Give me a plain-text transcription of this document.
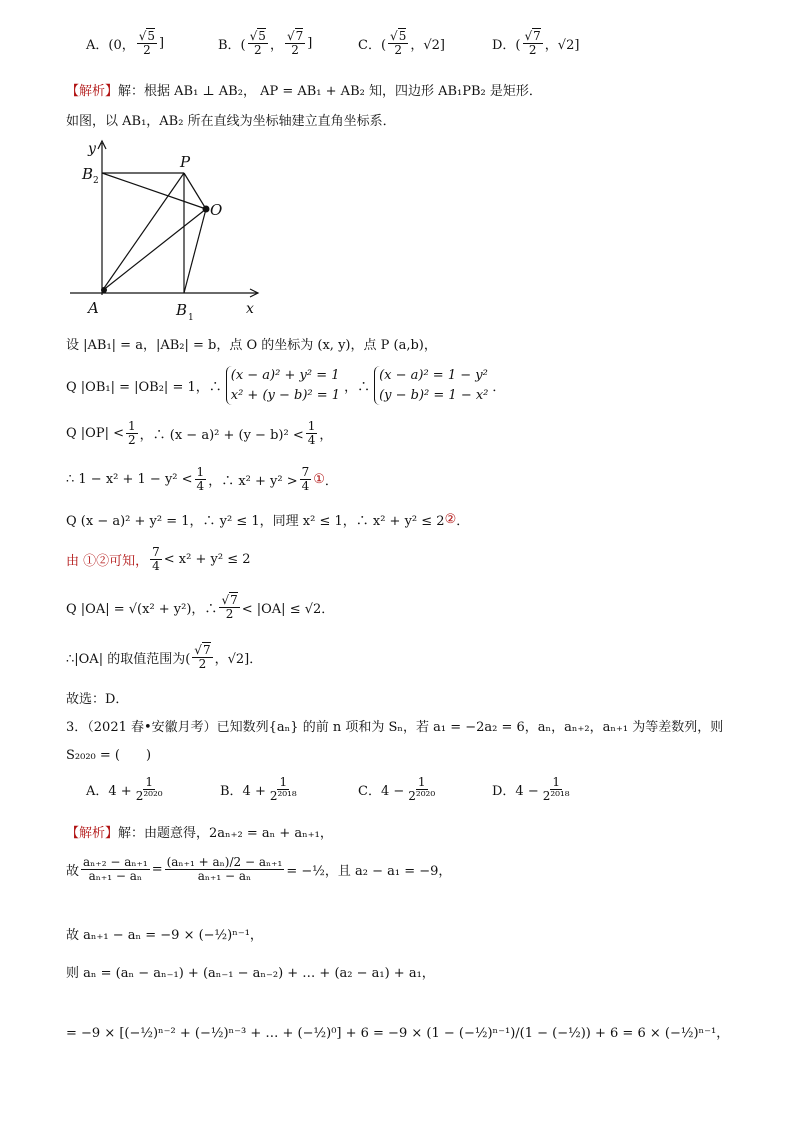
A．(0， $\frac{√5}{2}$ ]	B．( $\frac{√5}{2}$ ， $\frac{√7}{2}$ ]	C．( $\frac{√5}{2}$ ，√2]	D．( $\frac{√7}{2}$ ，√2]
【解析】 解：根据 AB₁ ⊥ AB₂， AP = AB₁ + AB₂ 知，四边形 AB₁PB₂ 是矩形．
如图，以 AB₁，AB₂ 所在直线为坐标轴建立直角坐标系．
y
x
A	B 1
B 2
P
O
设 |AB₁| = a，|AB₂| = b，点 O 的坐标为 (x, y)，点 P (a,b)，
Q |OB₁| = |OB₂| = 1，∴
(x − a)² + y² = 1
x² + (y − b)² = 1 ，∴
(x − a)² = 1 − y²
(y − b)² = 1 − x² ．
Q $|OP| < \frac{1}{2}$ ，∴ $(x - a)^2 + (y - b)^2 < \frac{1}{4}$ ，
∴ $1 - x^2 + 1 - y^2 < \frac{1}{4}$ ，∴ $x^2 + y^2 > \frac{7}{4}$ ① ．
Q (x − a)² + y² = 1，∴ y² ≤ 1，同理 x² ≤ 1，∴ x² + y² ≤ 2 ② ．
由 ①②可知， $\frac{7}{4} < x^2 + y^2 \le 2$
Q |OA| = √(x² + y²)，∴ $\frac{√7}{2} < |OA| \le √2$．
∴|OA| 的取值范围为( $\frac{√7}{2}$ ，√2]．
故选：D．
3．（2021 春•安徽月考）已知数列{aₙ} 的前 n 项和为 Sₙ，若 a₁ = −2a₂ = 6，aₙ，aₙ₊₂，aₙ₊₁ 为等差数列，则
S₂₀₂₀ = (　　)
A．$4 + \frac{1}{\text{2²⁰²⁰}}$	B．$4 + \frac{1}{\text{2²⁰¹⁸}}$	C．$4 - \frac{1}{\text{2²⁰²⁰}}$	D．$4 - \frac{1}{\text{2²⁰¹⁸}}$
【解析】 解：由题意得，2aₙ₊₂ = aₙ + aₙ₊₁，
故 $\frac{\text{aₙ₊₂ − aₙ₊₁}}{\text{aₙ₊₁ − aₙ}} = \frac{\text{(aₙ₊₁ + aₙ)/2 − aₙ₊₁}}{\text{aₙ₊₁ − aₙ}}$ = −½，且 a₂ − a₁ = −9，
故 aₙ₊₁ − aₙ = −9 × (−½)ⁿ⁻¹，
则 aₙ = (aₙ − aₙ₋₁) + (aₙ₋₁ − aₙ₋₂) + … + (a₂ − a₁) + a₁，
= −9 × [(−½)ⁿ⁻² + (−½)ⁿ⁻³ + … + (−½)⁰] + 6 = −9 × (1 − (−½)ⁿ⁻¹)/(1 − (−½)) + 6 = 6 × (−½)ⁿ⁻¹，
